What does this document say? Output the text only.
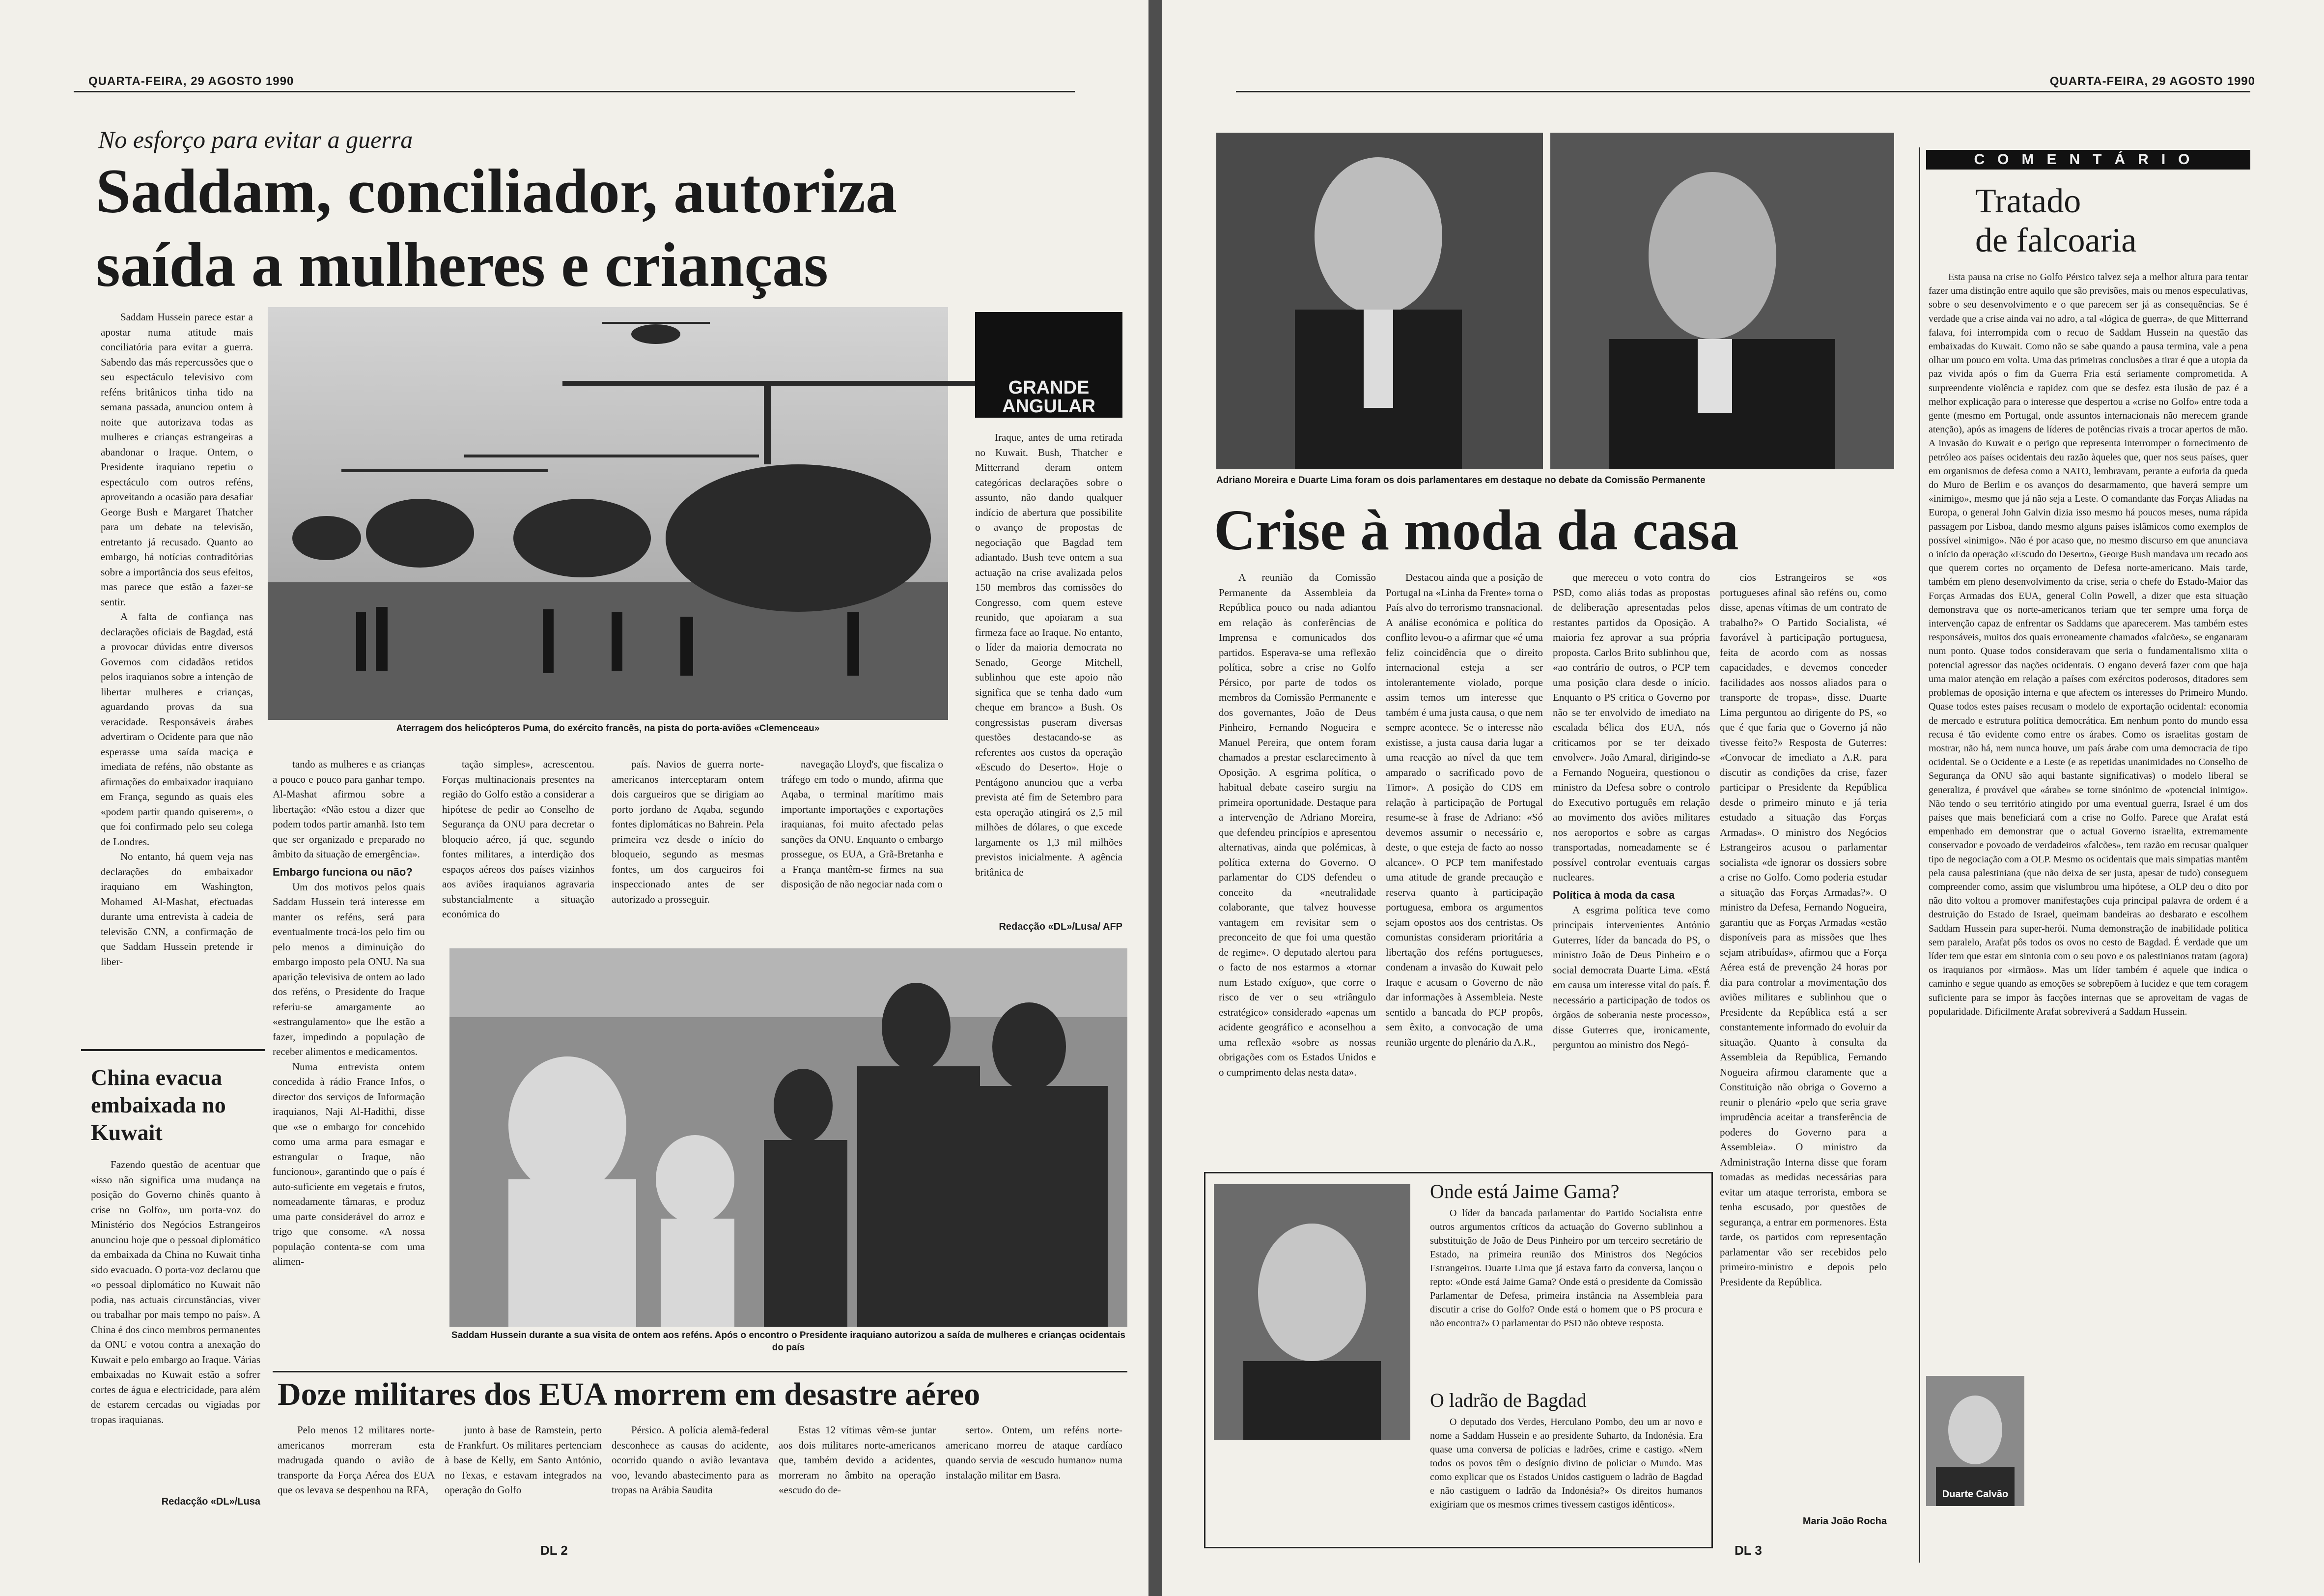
QUARTA-FEIRA, 29 AGOSTO 1990
No esforço para evitar a guerra
Saddam, conciliador, autoriza
saída a mulheres e crianças

Saddam Hussein parece estar a apostar numa atitude mais conciliatória para evitar a guerra. Sabendo das más repercussões que o seu espectáculo televisivo com reféns britânicos tinha tido na semana passada, anunciou ontem à noite que autorizava todas as mulheres e crianças estrangeiras a abandonar o Iraque. Ontem, o Presidente iraquiano repetiu o espectáculo com outros reféns, aproveitando a ocasião para desafiar George Bush e Margaret Thatcher para um debate na televisão, entretanto já recusado. Quanto ao embargo, há notícias contraditórias sobre a importância dos seus efeitos, mas parece que estão a fazer-se sentir.

A falta de confiança nas declarações oficiais de Bagdad, está a provocar dúvidas entre diversos Governos com cidadãos retidos pelos iraquianos sobre a intenção de libertar mulheres e crianças, aguardando provas da sua veracidade. Responsáveis árabes advertiram o Ocidente para que não esperasse uma saída maciça e imediata de reféns, não obstante as afirmações do embaixador iraquiano em França, segundo as quais eles «podem partir quando quiserem», o que foi confirmado pelo seu colega de Londres.

No entanto, há quem veja nas declarações do embaixador iraquiano em Washington, Mohamed Al-Mashat, efectuadas durante uma entrevista à cadeia de televisão CNN, a confirmação de que Saddam Hussein pretende ir liber-

Aterragem dos helicópteros Puma, do exército francês, na pista do porta-aviões «Clemenceau»
GRANDE ANGULAR

Iraque, antes de uma retirada no Kuwait. Bush, Thatcher e Mitterrand deram ontem categóricas declarações sobre o assunto, não dando qualquer indício de abertura que possibilite o avanço de propostas de negociação que Bagdad tem adiantado. Bush teve ontem a sua actuação na crise avalizada pelos 150 membros das comissões do Congresso, com quem esteve reunido, que apoiaram a sua firmeza face ao Iraque. No entanto, o líder da maioria democrata no Senado, George Mitchell, sublinhou que este apoio não significa que se tenha dado «um cheque em branco» a Bush. Os congressistas puseram diversas questões destacando-se as referentes aos custos da operação «Escudo do Deserto». Hoje o Pentágono anunciou que a verba prevista até fim de Setembro para esta operação atingirá os 2,5 mil milhões de dólares, o que excede largamente os 1,3 mil milhões previstos inicialmente. A agência britânica de

Redacção «DL»/Lusa/ AFP

tando as mulheres e as crianças a pouco e pouco para ganhar tempo. Al-Mashat afirmou sobre a libertação: «Não estou a dizer que podem todos partir amanhã. Isto tem que ser organizado e preparado no âmbito da situação de emergência».

Embargo funciona ou não?

Um dos motivos pelos quais Saddam Hussein terá interesse em manter os reféns, será para eventualmente trocá-los pelo fim ou pelo menos a diminuição do embargo imposto pela ONU. Na sua aparição televisiva de ontem ao lado dos reféns, o Presidente do Iraque referiu-se amargamente ao «estrangulamento» que lhe estão a fazer, impedindo a população de receber alimentos e medicamentos.

Numa entrevista ontem concedida à rádio France Infos, o director dos serviços de Informação iraquianos, Naji Al-Hadithi, disse que «se o embargo for concebido como uma arma para esmagar e estrangular o Iraque, não funcionou», garantindo que o país é auto-suficiente em vegetais e frutos, nomeadamente tâmaras, e produz uma parte considerável do arroz e trigo que consome. «A nossa população contenta-se com uma alimen-

tação simples», acrescentou. Forças multinacionais presentes na região do Golfo estão a considerar a hipótese de pedir ao Conselho de Segurança da ONU para decretar o bloqueio aéreo, já que, segundo fontes militares, a interdição dos espaços aéreos dos países vizinhos aos aviões iraquianos agravaria substancialmente a situação económica do

país. Navios de guerra norte-americanos interceptaram ontem dois cargueiros que se dirigiam ao porto jordano de Aqaba, segundo fontes diplomáticas no Bahrein. Pela primeira vez desde o início do bloqueio, segundo as mesmas fontes, um dos cargueiros foi inspeccionado antes de ser autorizado a prosseguir.

navegação Lloyd's, que fiscaliza o tráfego em todo o mundo, afirma que Aqaba, o terminal marítimo mais importante importações e exportações iraquianas, foi muito afectado pelas sanções da ONU. Enquanto o embargo prossegue, os EUA, a Grã-Bretanha e a França mantêm-se firmes na sua disposição de não negociar nada com o

Saddam Hussein durante a sua visita de ontem aos reféns. Após o encontro o Presidente iraquiano autorizou a saída de mulheres e crianças ocidentais do país
China evacua embaixada no Kuwait

Fazendo questão de acentuar que «isso não significa uma mudança na posição do Governo chinês quanto à crise no Golfo», um porta-voz do Ministério dos Negócios Estrangeiros anunciou hoje que o pessoal diplomático da embaixada da China no Kuwait tinha sido evacuado. O porta-voz declarou que «o pessoal diplomático no Kuwait não podia, nas actuais circunstâncias, viver ou trabalhar por mais tempo no país». A China é dos cinco membros permanentes da ONU e votou contra a anexação do Kuwait e pelo embargo ao Iraque. Várias embaixadas no Kuwait estão a sofrer cortes de água e electricidade, para além de estarem cercadas ou vigiadas por tropas iraquianas.

Redacção «DL»/Lusa
Doze militares dos EUA morrem em desastre aéreo

Pelo menos 12 militares norte-americanos morreram esta madrugada quando o avião de transporte da Força Aérea dos EUA que os levava se despenhou na RFA,

junto à base de Ramstein, perto de Frankfurt. Os militares pertenciam à base de Kelly, em Santo António, no Texas, e estavam integrados na operação do Golfo

Pérsico. A polícia alemã-federal desconhece as causas do acidente, ocorrido quando o avião levantava voo, levando abastecimento para as tropas na Arábia Saudita

Estas 12 vítimas vêm-se juntar aos dois militares norte-americanos que, também devido a acidentes, morreram no âmbito na operação «escudo do de-

serto». Ontem, um reféns norte-americano morreu de ataque cardíaco quando servia de «escudo humano» numa instalação militar em Basra.

DL 2
QUARTA-FEIRA, 29 AGOSTO 1990
Adriano Moreira e Duarte Lima foram os dois parlamentares em destaque no debate da Comissão Permanente
Crise à moda da casa

A reunião da Comissão Permanente da Assembleia da República pouco ou nada adiantou em relação às conferências de Imprensa e comunicados dos partidos. Esperava-se uma reflexão política, sobre a crise no Golfo Pérsico, por parte de todos os membros da Comissão Permanente e dos governantes, João de Deus Pinheiro, Fernando Nogueira e Manuel Pereira, que ontem foram chamados a prestar esclarecimento à Oposição. A esgrima política, o habitual debate caseiro surgiu na primeira oportunidade. Destaque para a intervenção de Adriano Moreira, que defendeu princípios e apresentou alternativas, ainda que polémicas, à política externa do Governo. O parlamentar do CDS defendeu o conceito da «neutralidade colaborante, que talvez houvesse vantagem em revisitar sem o preconceito de que foi uma questão de regime». O deputado alertou para o facto de nos estarmos a «tornar num Estado exíguo», que corre o risco de ver o seu «triângulo estratégico» considerado «apenas um acidente geográfico e aconselhou a uma reflexão «sobre as nossas obrigações com os Estados Unidos e o cumprimento delas nesta data».

Destacou ainda que a posição de Portugal na «Linha da Frente» torna o País alvo do terrorismo transnacional. A análise económica e política do conflito levou-o a afirmar que «é uma feliz coincidência que o direito internacional esteja a ser intolerantemente violado, porque assim temos um interesse que também é uma justa causa, o que nem sempre acontece. Se o interesse não existisse, a justa causa daria lugar a uma reacção ao nível da que tem amparado o sacrificado povo de Timor». A posição do CDS em relação à participação de Portugal resume-se à frase de Adriano: «Só devemos assumir o necessário e, deste, o que esteja de facto ao nosso alcance». O PCP tem manifestado uma atitude de grande precaução e reserva quanto à participação portuguesa, embora os argumentos sejam opostos aos dos centristas. Os comunistas consideram prioritária a libertação dos reféns portugueses, condenam a invasão do Kuwait pelo Iraque e acusam o Governo de não dar informações à Assembleia. Neste sentido a bancada do PCP propôs, sem êxito, a convocação de uma reunião urgente do plenário da A.R.,

que mereceu o voto contra do PSD, como aliás todas as propostas de deliberação apresentadas pelos restantes partidos da Oposição. A maioria fez aprovar a sua própria proposta. Carlos Brito sublinhou que, «ao contrário de outros, o PCP tem uma posição clara desde o início. Enquanto o PS critica o Governo por não se ter envolvido de imediato na escalada bélica dos EUA, nós criticamos por se ter deixado envolver». João Amaral, dirigindo-se a Fernando Nogueira, questionou o ministro da Defesa sobre o controlo do Executivo português em relação ao movimento dos aviões militares nos aeroportos e sobre as cargas transportadas, nomeadamente se é possível controlar eventuais cargas nucleares.

Política à moda da casa

A esgrima política teve como principais intervenientes António Guterres, líder da bancada do PS, o ministro João de Deus Pinheiro e o social democrata Duarte Lima. «Está em causa um interesse vital do país. É necessário a participação de todos os órgãos de soberania neste processo», disse Guterres que, ironicamente, perguntou ao ministro dos Negó-

cios Estrangeiros se «os portugueses afinal são reféns ou, como disse, apenas vítimas de um contrato de trabalho?» O Partido Socialista, «é favorável à participação portuguesa, feita de acordo com as nossas capacidades, e devemos conceder facilidades aos nossos aliados para o transporte de tropas», disse. Duarte Lima perguntou ao dirigente do PS, «o que é que faria que o Governo já não tivesse feito?» Resposta de Guterres: «Convocar de imediato a A.R. para discutir as condições da crise, fazer participar o Presidente da República desde o primeiro minuto e já teria estudado a situação das Forças Armadas». O ministro dos Negócios Estrangeiros acusou o parlamentar socialista «de ignorar os dossiers sobre a crise no Golfo. Como poderia estudar a situação das Forças Armadas?». O ministro da Defesa, Fernando Nogueira, garantiu que as Forças Armadas «estão disponíveis para as missões que lhes sejam atribuídas», afirmou que a Força Aérea está de prevenção 24 horas por dia para controlar a movimentação dos aviões militares e sublinhou que o Presidente da República está a ser constantemente informado do evoluir da situação. Quanto à consulta da Assembleia da República, Fernando Nogueira afirmou claramente que a Constituição não obriga o Governo a reunir o plenário «pelo que seria grave imprudência aceitar a transferência de poderes do Governo para a Assembleia». O ministro da Administração Interna disse que foram tomadas as medidas necessárias para evitar um ataque terrorista, embora se tenha escusado, por questões de segurança, a entrar em pormenores. Esta tarde, os partidos com representação parlamentar vão ser recebidos pelo primeiro-ministro e depois pelo Presidente da República.

Maria João Rocha
Onde está Jaime Gama?

O líder da bancada parlamentar do Partido Socialista entre outros argumentos críticos da actuação do Governo sublinhou a substituição de João de Deus Pinheiro por um terceiro secretário de Estado, na primeira reunião dos Ministros dos Negócios Estrangeiros. Duarte Lima que já estava farto da conversa, lançou o repto: «Onde está Jaime Gama? Onde está o presidente da Comissão Parlamentar de Defesa, primeira instância na Assembleia para discutir a crise do Golfo? Onde está o homem que o PS procura e não encontra?» O parlamentar do PSD não obteve resposta.

O ladrão de Bagdad

O deputado dos Verdes, Herculano Pombo, deu um ar novo e nome a Saddam Hussein e ao presidente Suharto, da Indonésia. Era quase uma conversa de polícias e ladrões, crime e castigo. «Nem todos os povos têm o desígnio divino de policiar o Mundo. Mas como explicar que os Estados Unidos castiguem o ladrão de Bagdad e não castiguem o ladrão da Indonésia?» Os direitos humanos exigiriam que os mesmos crimes tivessem castigos idênticos».

COMENTÁRIO
Tratado
de falcoaria

Esta pausa na crise no Golfo Pérsico talvez seja a melhor altura para tentar fazer uma distinção entre aquilo que são previsões, mais ou menos especulativas, sobre o seu desenvolvimento e o que parecem ser já as consequências. Se é verdade que a crise ainda vai no adro, a tal «lógica de guerra», de que Mitterrand falava, foi interrompida com o recuo de Saddam Hussein na questão das embaixadas do Kuwait. Como não se sabe quando a pausa termina, vale a pena olhar um pouco em volta. Uma das primeiras conclusões a tirar é que a utopia da paz vivida após o fim da Guerra Fria está seriamente comprometida. A surpreendente violência e rapidez com que se desfez esta ilusão de paz é a melhor explicação para o interesse que despertou a «crise no Golfo» entre toda a gente (mesmo em Portugal, onde assuntos internacionais não merecem grande atenção), após as imagens de líderes de potências rivais a trocar apertos de mão. A invasão do Kuwait e o perigo que representa interromper o fornecimento de petróleo aos países ocidentais deu razão àqueles que, quer nos seus países, quer em organismos de defesa como a NATO, lembravam, perante a euforia da queda do Muro de Berlim e os avanços do desarmamento, que haverá sempre um «inimigo», mesmo que já não seja a Leste. O comandante das Forças Aliadas na Europa, o general John Galvin dizia isso mesmo há poucos meses, numa rápida passagem por Lisboa, dando mesmo alguns países islâmicos como exemplos de possível «inimigo». Não é por acaso que, no mesmo discurso em que anunciava o início da operação «Escudo do Deserto», George Bush mandava um recado aos que querem cortes no orçamento de Defesa norte-americano. Mais tarde, também em pleno desenvolvimento da crise, seria o chefe do Estado-Maior das Forças Armadas dos EUA, general Colin Powell, a dizer que esta situação demonstrava que os norte-americanos teriam que ter sempre uma força de intervenção capaz de enfrentar os Saddams que aparecerem. Mas também estes responsáveis, muitos dos quais erroneamente chamados «falcões», se enganaram num ponto. Quase todos consideravam que seria o fundamentalismo xiita o potencial agressor das nações ocidentais. O engano deverá fazer com que haja uma maior atenção em relação a países com exércitos poderosos, ditadores sem problemas de oposição interna e que afectem os interesses do Primeiro Mundo. Quase todos estes países recusam o modelo de exportação ocidental: economia de mercado e estrutura política democrática. Em nenhum ponto do mundo essa recusa é tão evidente como entre os árabes. Como os israelitas gostam de mostrar, não há, nem nunca houve, um país árabe com uma democracia de tipo ocidental. Se o Ocidente e a Leste (e as repetidas unanimidades no Conselho de Segurança da ONU são aqui bastante significativas) o modelo liberal se generaliza, é provável que «árabe» se torne sinónimo de «potencial inimigo». Não tendo o seu território atingido por uma eventual guerra, Israel é um dos países que mais beneficiará com a crise no Golfo. Parece que Arafat está empenhado em demonstrar que o actual Governo israelita, extremamente conservador e povoado de verdadeiros «falcões», tem razão em recusar qualquer tipo de negociação com a OLP. Mesmo os ocidentais que mais simpatias mantêm pela causa palestiniana (que não deixa de ser justa, apesar de tudo) conseguem compreender como, assim que vislumbrou uma hipótese, a OLP deu o dito por não dito voltou a promover manifestações cuja principal palavra de ordem é a destruição do Estado de Israel, queimam bandeiras ao desbarato e escolhem Saddam Hussein para super-herói. Numa demonstração de inabilidade política sem paralelo, Arafat pôs todos os ovos no cesto de Bagdad. É verdade que um líder tem que estar em sintonia com o seu povo e os palestinianos tratam (agora) os iraquianos por «irmãos». Mas um líder também é aquele que indica o caminho e segue quando as emoções se sobrepõem à lucidez e que tem coragem suficiente para se impor às facções internas que se aproveitam de vagas de popularidade. Dificilmente Arafat sobreviverá a Saddam Hussein.

Duarte Calvão
DL 3
